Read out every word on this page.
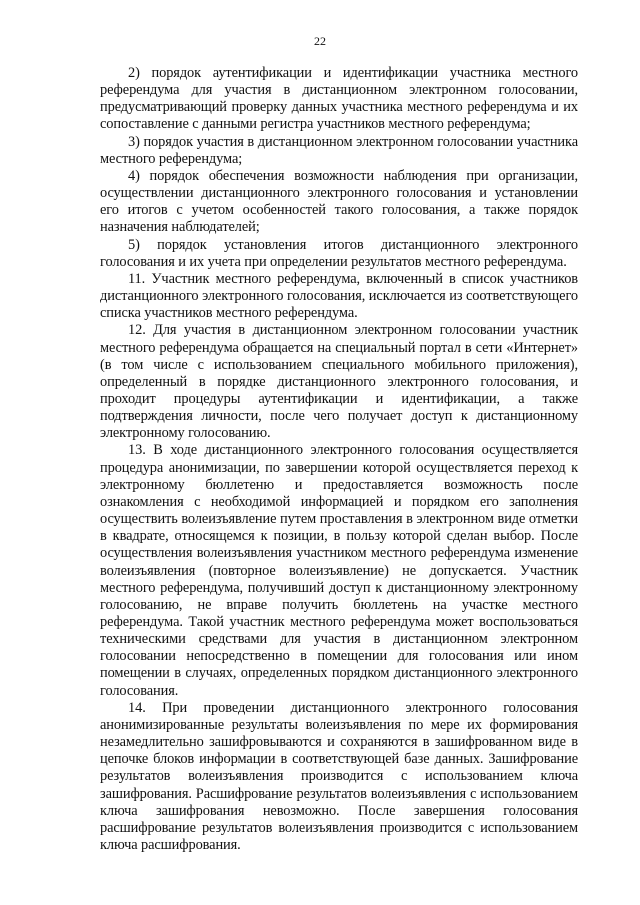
22

2) порядок аутентификации и идентификации участника местного референдума для участия в дистанционном электронном голосовании, предусматривающий проверку данных участника местного референдума и их сопоставление с данными регистра участников местного референдума;

3) порядок участия в дистанционном электронном голосовании участника местного референдума;

4) порядок обеспечения возможности наблюдения при организации, осуществлении дистанционного электронного голосования и установлении его итогов с учетом особенностей такого голосования, а также порядок назначения наблюдателей;

5) порядок установления итогов дистанционного электронного голосования и их учета при определении результатов местного референдума.

11. Участник местного референдума, включенный в список участников дистанционного электронного голосования, исключается из соответствующего списка участников местного референдума.

12. Для участия в дистанционном электронном голосовании участник местного референдума обращается на специальный портал в сети «Интернет» (в том числе с использованием специального мобильного приложения), определенный в порядке дистанционного электронного голосования, и проходит процедуры аутентификации и идентификации, а также подтверждения личности, после чего получает доступ к дистанционному электронному голосованию.

13. В ходе дистанционного электронного голосования осуществляется процедура анонимизации, по завершении которой осуществляется переход к электронному бюллетеню и предоставляется возможность после ознакомления с необходимой информацией и порядком его заполнения осуществить волеизъявление путем проставления в электронном виде отметки в квадрате, относящемся к позиции, в пользу которой сделан выбор. После осуществления волеизъявления участником местного референдума изменение волеизъявления (повторное волеизъявление) не допускается. Участник местного референдума, получивший доступ к дистанционному электронному голосованию, не вправе получить бюллетень на участке местного референдума. Такой участник местного референдума может воспользоваться техническими средствами для участия в дистанционном электронном голосовании непосредственно в помещении для голосования или ином помещении в случаях, определенных порядком дистанционного электронного голосования.

14. При проведении дистанционного электронного голосования анонимизированные результаты волеизъявления по мере их формирования незамедлительно зашифровываются и сохраняются в зашифрованном виде в цепочке блоков информации в соответствующей базе данных. Зашифрование результатов волеизъявления производится с использованием ключа зашифрования. Расшифрование результатов волеизъявления с использованием ключа зашифрования невозможно. После завершения голосования расшифрование результатов волеизъявления производится с использованием ключа расшифрования.
